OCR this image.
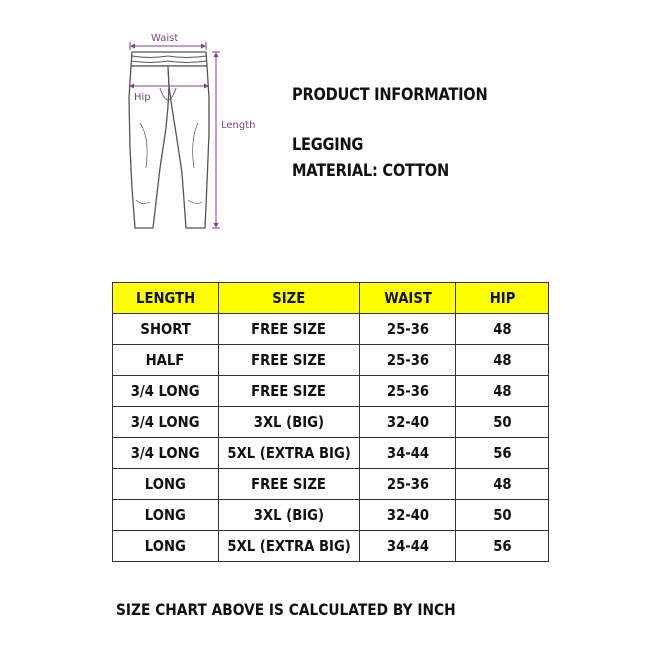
Waist
Hip
Length
PRODUCT INFORMATION
LEGGING
MATERIAL: COTTON
LENGTH	SIZE	WAIST	HIP
SHORT	FREE SIZE	25-36	48
HALF	FREE SIZE	25-36	48
3/4 LONG	FREE SIZE	25-36	48
3/4 LONG	3XL (BIG)	32-40	50
3/4 LONG	5XL (EXTRA BIG)	34-44	56
LONG	FREE SIZE	25-36	48
LONG	3XL (BIG)	32-40	50
LONG	5XL (EXTRA BIG)	34-44	56
SIZE CHART ABOVE IS CALCULATED BY INCH
